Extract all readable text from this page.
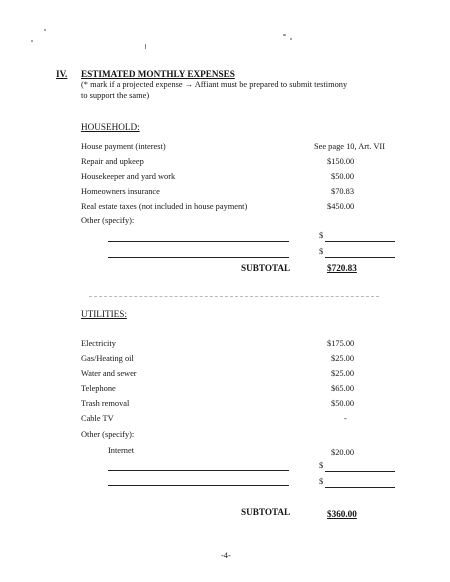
IV. ESTIMATED MONTHLY EXPENSES
(* mark if a projected expense → Affiant must be prepared to submit testimony
to support the same)
HOUSEHOLD:
House payment (interest)	See page 10, Art. VII
Repair and upkeep	$150.00
Housekeeper and yard work	$50.00
Homeowners insurance	$70.83
Real estate taxes (not included in house payment)	$450.00
Other (specify):
$
$
SUBTOTAL	$720.83
UTILITIES:
Electricity	$175.00
Gas/Heating oil	$25.00
Water and sewer	$25.00
Telephone	$65.00
Trash removal	$50.00
Cable TV	-
Other (specify):
Internet	$20.00
$
$
SUBTOTAL	$360.00
-4-
